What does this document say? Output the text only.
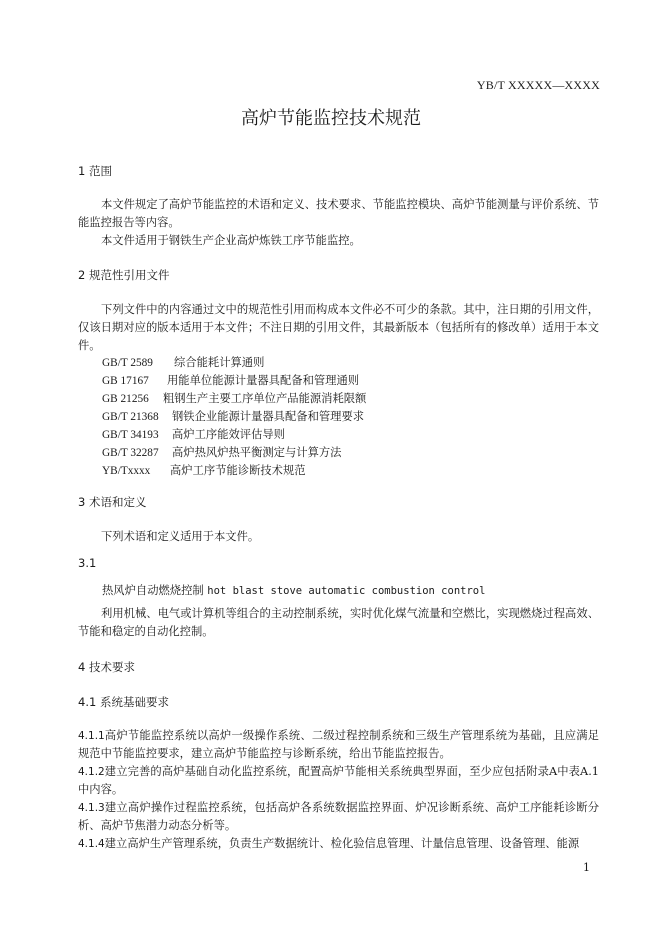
YB/T XXXXX—XXXX
高炉节能监控技术规范
1 范围

本文件规定了高炉节能监控的术语和定义、技术要求、节能监控模块、高炉节能测量与评价系统、节能监控报告等内容。

本文件适用于钢铁生产企业高炉炼铁工序节能监控。

2 规范性引用文件

下列文件中的内容通过文中的规范性引用而构成本文件必不可少的条款。其中，注日期的引用文件，仅该日期对应的版本适用于本文件；不注日期的引用文件，其最新版本（包括所有的修改单）适用于本文件。

GB/T 2589 综合能耗计算通则
GB 17167 用能单位能源计量器具配备和管理通则
GB 21256 粗钢生产主要工序单位产品能源消耗限额
GB/T 21368 钢铁企业能源计量器具配备和管理要求
GB/T 34193 高炉工序能效评估导则
GB/T 32287 高炉热风炉热平衡测定与计算方法
YB/Txxxx 高炉工序节能诊断技术规范
3 术语和定义

下列术语和定义适用于本文件。

3.1
热风炉自动燃烧控制 hot blast stove automatic combustion control

利用机械、电气或计算机等组合的主动控制系统，实时优化煤气流量和空燃比，实现燃烧过程高效、节能和稳定的自动化控制。

4 技术要求
4.1 系统基础要求

4.1.1高炉节能监控系统以高炉一级操作系统、二级过程控制系统和三级生产管理系统为基础，且应满足规范中节能监控要求，建立高炉节能监控与诊断系统，给出节能监控报告。

4.1.2建立完善的高炉基础自动化监控系统，配置高炉节能相关系统典型界面，至少应包括附录A中表A.1中内容。

4.1.3建立高炉操作过程监控系统，包括高炉各系统数据监控界面、炉况诊断系统、高炉工序能耗诊断分析、高炉节焦潜力动态分析等。

4.1.4建立高炉生产管理系统，负责生产数据统计、检化验信息管理、计量信息管理、设备管理、能源

1
